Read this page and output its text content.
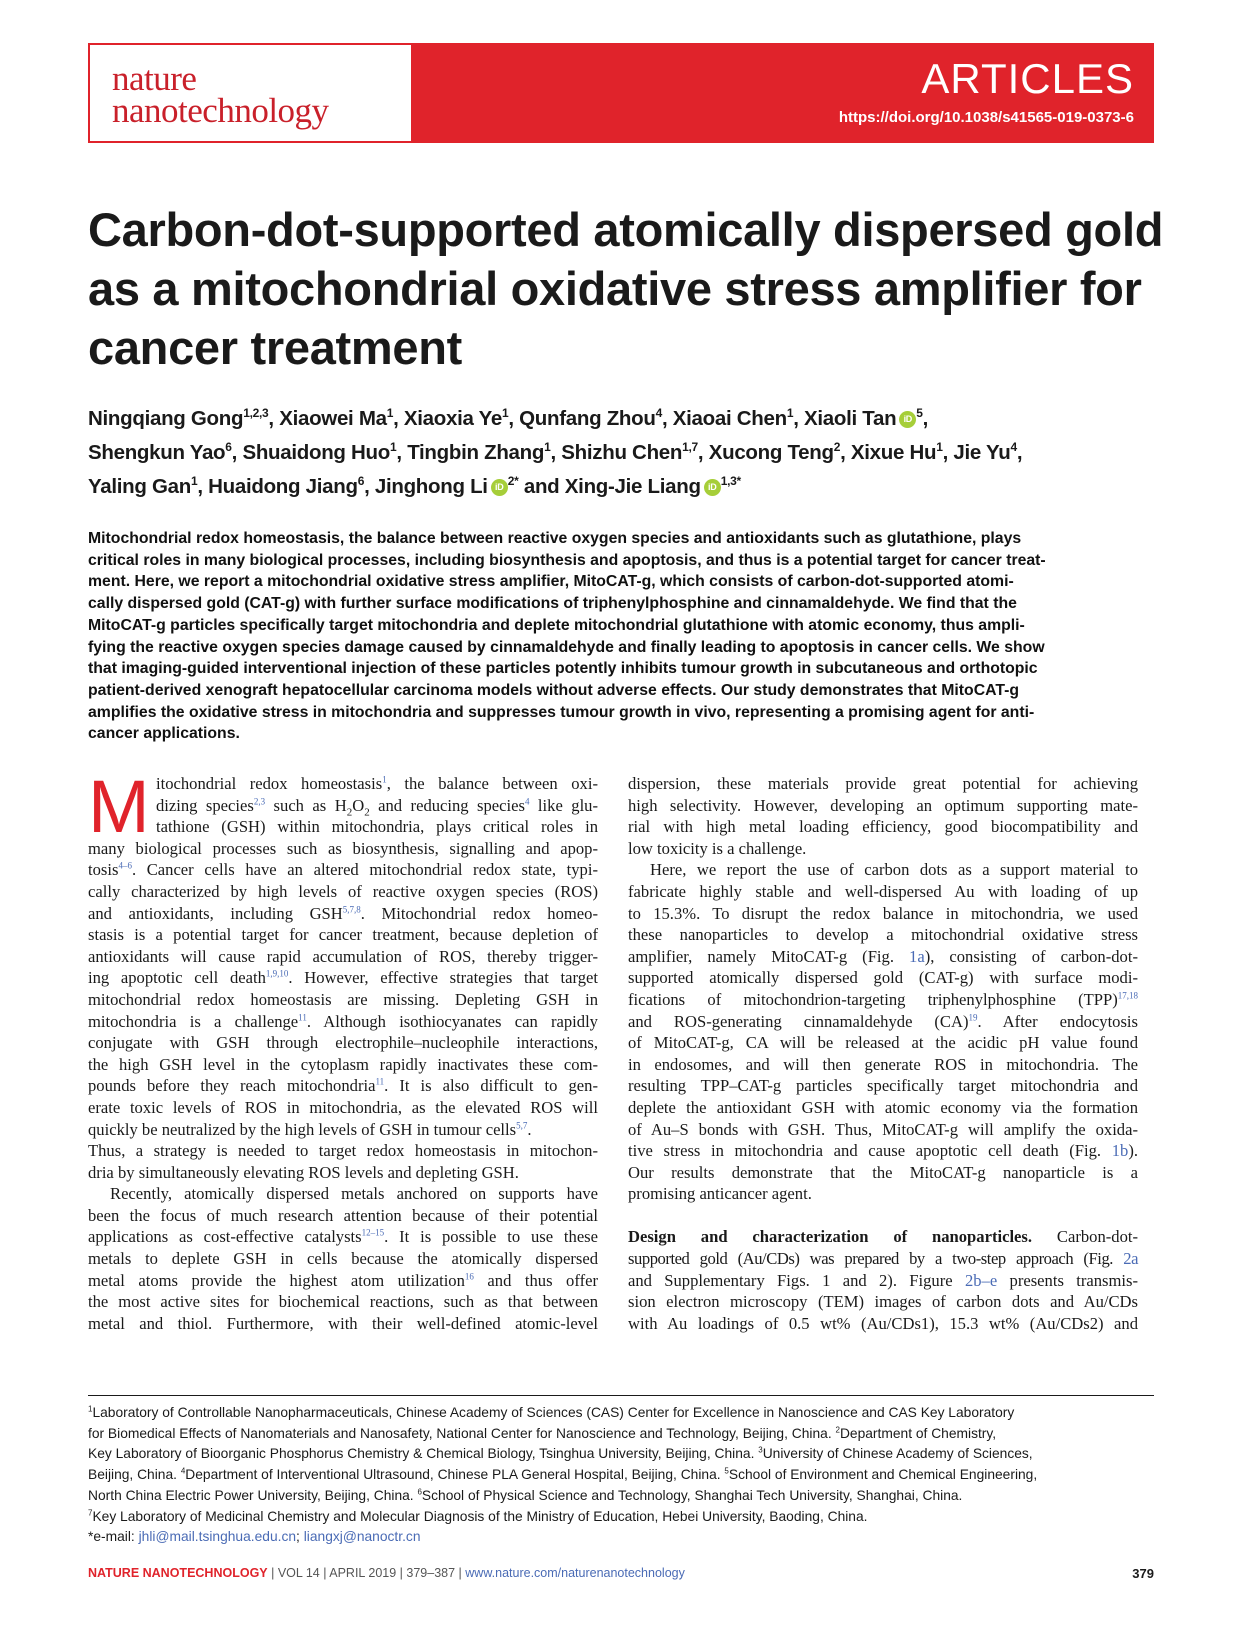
nature
nanotechnology
ARTICLES
https://doi.org/10.1038/s41565-019-0373-6
Carbon-dot-supported atomically dispersed gold
as a mitochondrial oxidative stress amplifier for
cancer treatment
Ningqiang Gong$^{1,2,3}$, Xiaowei Ma$^1$, Xiaoxia Ye$^1$, Qunfang Zhou$^4$, Xiaoai Chen$^1$, Xiaoli Tan iD $^5$,
Shengkun Yao$^6$, Shuaidong Huo$^1$, Tingbin Zhang$^1$, Shizhu Chen$^{1,7}$, Xucong Teng$^2$, Xixue Hu$^1$, Jie Yu$^4$,
Yaling Gan$^1$, Huaidong Jiang$^6$, Jinghong Li iD $^{2*}$ and Xing-Jie Liang iD $^{1,3*}$
Mitochondrial redox homeostasis, the balance between reactive oxygen species and antioxidants such as glutathione, plays
critical roles in many biological processes, including biosynthesis and apoptosis, and thus is a potential target for cancer treat-
ment. Here, we report a mitochondrial oxidative stress amplifier, MitoCAT-g, which consists of carbon-dot-supported atomi-
cally dispersed gold (CAT-g) with further surface modifications of triphenylphosphine and cinnamaldehyde. We find that the
MitoCAT-g particles specifically target mitochondria and deplete mitochondrial glutathione with atomic economy, thus ampli-
fying the reactive oxygen species damage caused by cinnamaldehyde and finally leading to apoptosis in cancer cells. We show
that imaging-guided interventional injection of these particles potently inhibits tumour growth in subcutaneous and orthotopic
patient-derived xenograft hepatocellular carcinoma models without adverse effects. Our study demonstrates that MitoCAT-g
amplifies the oxidative stress in mitochondria and suppresses tumour growth in vivo, representing a promising agent for anti-
cancer applications.
M itochondrial redox homeostasis$^1$, the balance between oxi-
dizing species$^{2,3}$ such as $H_2O_2$ and reducing species$^4$ like glu-
tathione (GSH) within mitochondria, plays critical roles in
many biological processes such as biosynthesis, signalling and apop-
tosis$^{4-6}$. Cancer cells have an altered mitochondrial redox state, typi-
cally characterized by high levels of reactive oxygen species (ROS)
and antioxidants, including GSH$^{5,7,8}$. Mitochondrial redox homeo-
stasis is a potential target for cancer treatment, because depletion of
antioxidants will cause rapid accumulation of ROS, thereby trigger-
ing apoptotic cell death$^{1,9,10}$. However, effective strategies that target
mitochondrial redox homeostasis are missing. Depleting GSH in
mitochondria is a challenge$^{11}$. Although isothiocyanates can rapidly
conjugate with GSH through electrophile–nucleophile interactions,
the high GSH level in the cytoplasm rapidly inactivates these com-
pounds before they reach mitochondria$^{11}$. It is also difficult to gen-
erate toxic levels of ROS in mitochondria, as the elevated ROS will
quickly be neutralized by the high levels of GSH in tumour cells$^{5,7}$.
Thus, a strategy is needed to target redox homeostasis in mitochon-
dria by simultaneously elevating ROS levels and depleting GSH.
Recently, atomically dispersed metals anchored on supports have
been the focus of much research attention because of their potential
applications as cost-effective catalysts$^{12-15}$. It is possible to use these
metals to deplete GSH in cells because the atomically dispersed
metal atoms provide the highest atom utilization$^{16}$ and thus offer
the most active sites for biochemical reactions, such as that between
metal and thiol. Furthermore, with their well-defined atomic-level
dispersion, these materials provide great potential for achieving
high selectivity. However, developing an optimum supporting mate-
rial with high metal loading efficiency, good biocompatibility and
low toxicity is a challenge.
Here, we report the use of carbon dots as a support material to
fabricate highly stable and well-dispersed Au with loading of up
to 15.3%. To disrupt the redox balance in mitochondria, we used
these nanoparticles to develop a mitochondrial oxidative stress
amplifier, namely MitoCAT-g (Fig. 1a), consisting of carbon-dot-
supported atomically dispersed gold (CAT-g) with surface modi-
fications of mitochondrion-targeting triphenylphosphine (TPP)$^{17,18}$
and ROS-generating cinnamaldehyde (CA)$^{19}$. After endocytosis
of MitoCAT-g, CA will be released at the acidic pH value found
in endosomes, and will then generate ROS in mitochondria. The
resulting TPP–CAT-g particles specifically target mitochondria and
deplete the antioxidant GSH with atomic economy via the formation
of Au–S bonds with GSH. Thus, MitoCAT-g will amplify the oxida-
tive stress in mitochondria and cause apoptotic cell death (Fig. 1b).
Our results demonstrate that the MitoCAT-g nanoparticle is a
promising anticancer agent.
Design and characterization of nanoparticles. Carbon-dot-
supported gold (Au/CDs) was prepared by a two-step approach (Fig. 2a
and Supplementary Figs. 1 and 2). Figure 2b–e presents transmis-
sion electron microscopy (TEM) images of carbon dots and Au/CDs
with Au loadings of 0.5 wt% (Au/CDs1), 15.3 wt% (Au/CDs2) and
$^1$Laboratory of Controllable Nanopharmaceuticals, Chinese Academy of Sciences (CAS) Center for Excellence in Nanoscience and CAS Key Laboratory
for Biomedical Effects of Nanomaterials and Nanosafety, National Center for Nanoscience and Technology, Beijing, China. $^2$Department of Chemistry,
Key Laboratory of Bioorganic Phosphorus Chemistry & Chemical Biology, Tsinghua University, Beijing, China. $^3$University of Chinese Academy of Sciences,
Beijing, China. $^4$Department of Interventional Ultrasound, Chinese PLA General Hospital, Beijing, China. $^5$School of Environment and Chemical Engineering,
North China Electric Power University, Beijing, China. $^6$School of Physical Science and Technology, Shanghai Tech University, Shanghai, China.
$^7$Key Laboratory of Medicinal Chemistry and Molecular Diagnosis of the Ministry of Education, Hebei University, Baoding, China.
*e-mail: jhli@mail.tsinghua.edu.cn; liangxj@nanoctr.cn
NATURE NANOTECHNOLOGY | VOL 14 | APRIL 2019 | 379–387 | www.nature.com/naturenanotechnology	379
